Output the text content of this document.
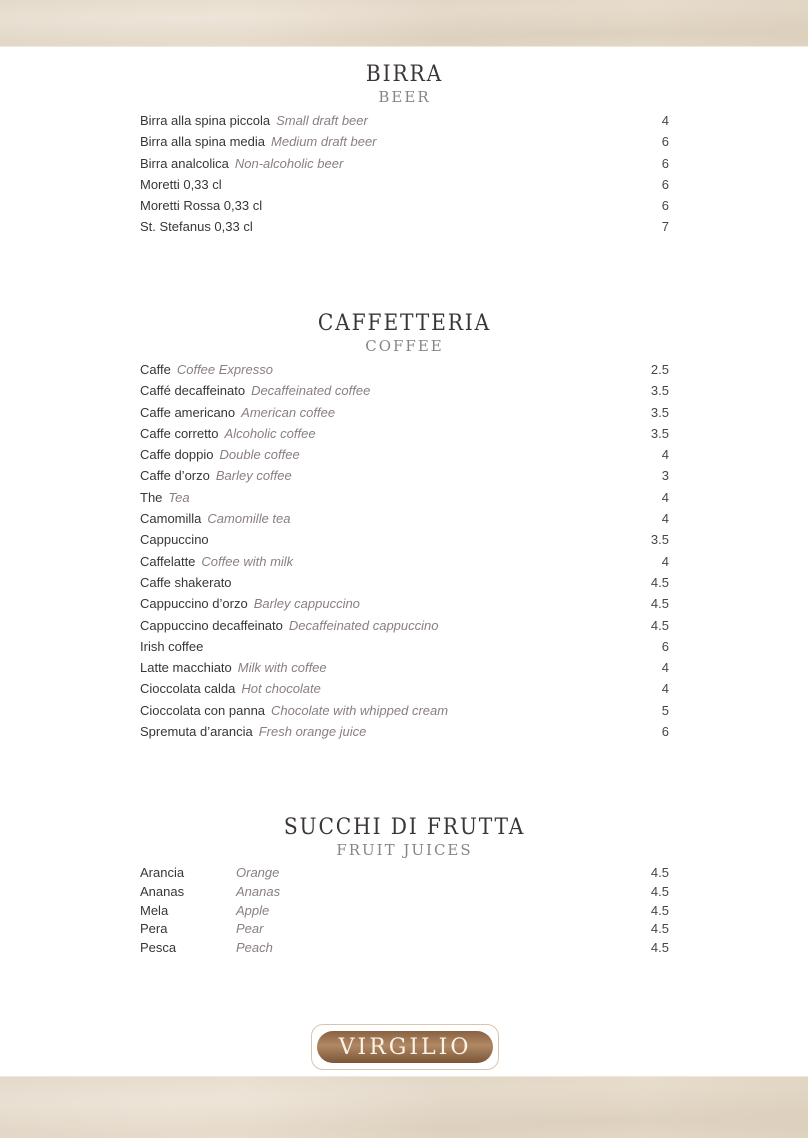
BIRRA
BEER
Birra alla spina piccola Small draft beer	4
Birra alla spina media Medium draft beer	6
Birra analcolica Non-alcoholic beer	6
Moretti 0,33 cl	6
Moretti Rossa 0,33 cl	6
St. Stefanus 0,33 cl	7
CAFFETTERIA
COFFEE
Caffe Coffee Expresso	2.5
Caffé decaffeinato Decaffeinated coffee	3.5
Caffe americano American coffee	3.5
Caffe corretto Alcoholic coffee	3.5
Caffe doppio Double coffee	4
Caffe d’orzo Barley coffee	3
The Tea	4
Camomilla Camomille tea	4
Cappuccino	3.5
Caffelatte Coffee with milk	4
Caffe shakerato	4.5
Cappuccino d’orzo Barley cappuccino	4.5
Cappuccino decaffeinato Decaffeinated cappuccino	4.5
Irish coffee	6
Latte macchiato Milk with coffee	4
Cioccolata calda Hot chocolate	4
Cioccolata con panna Chocolate with whipped cream	5
Spremuta d’arancia Fresh orange juice	6
SUCCHI DI FRUTTA
FRUIT JUICES
Arancia	Orange	4.5
Ananas	Ananas	4.5
Mela	Apple	4.5
Pera	Pear	4.5
Pesca	Peach	4.5
VIRGILIO
